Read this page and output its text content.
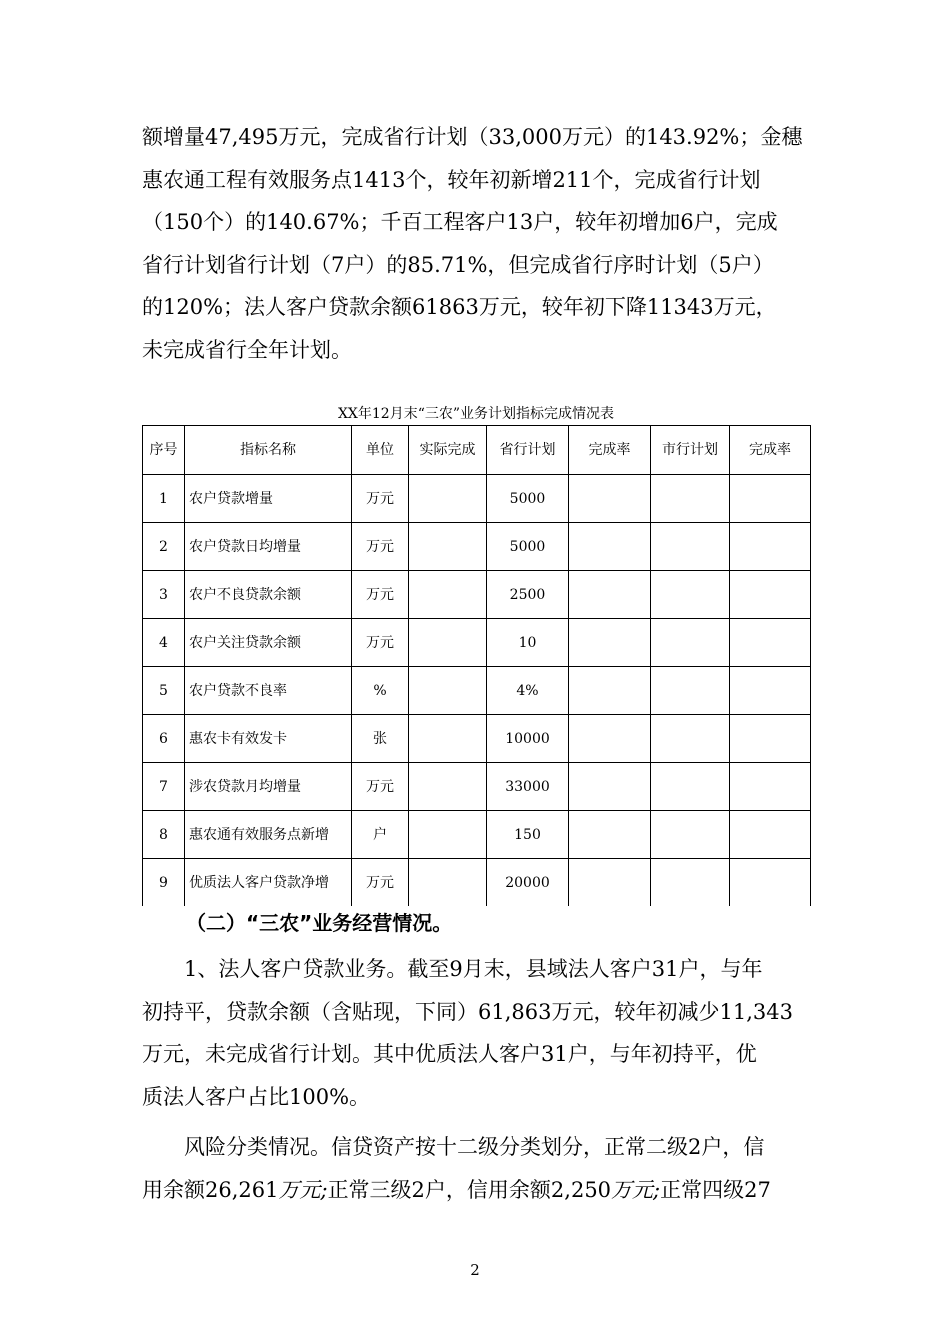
额增量47,495万元，完成省行计划（33,000万元）的143.92%；金穗
惠农通工程有效服务点1413个，较年初新增211个，完成省行计划
（150个）的140.67%；千百工程客户13户，较年初增加6户，完成
省行计划省行计划（7户）的85.71%，但完成省行序时计划（5户）
的120%；法人客户贷款余额61863万元，较年初下降11343万元，
未完成省行全年计划。
XX年12月末“三农”业务计划指标完成情况表
序号	指标名称	单位	实际完成	省行计划	完成率	市行计划	完成率
1	农户贷款增量	万元		5000			
2	农户贷款日均增量	万元		5000			
3	农户不良贷款余额	万元		2500			
4	农户关注贷款余额	万元		10			
5	农户贷款不良率	%		4%			
6	惠农卡有效发卡	张		10000			
7	涉农贷款月均增量	万元		33000			
8	惠农通有效服务点新增	户		150			
9	优质法人客户贷款净增	万元		20000			
（二）“三农”业务经营情况。
1、法人客户贷款业务。截至9月末，县域法人客户31户，与年
初持平，贷款余额（含贴现，下同）61,863万元，较年初减少11,343
万元，未完成省行计划。其中优质法人客户31户，与年初持平，优
质法人客户占比100%。
风险分类情况。信贷资产按十二级分类划分，正常二级2户，信
用余额26,261万元;正常三级2户，信用余额2,250万元;正常四级27
2
